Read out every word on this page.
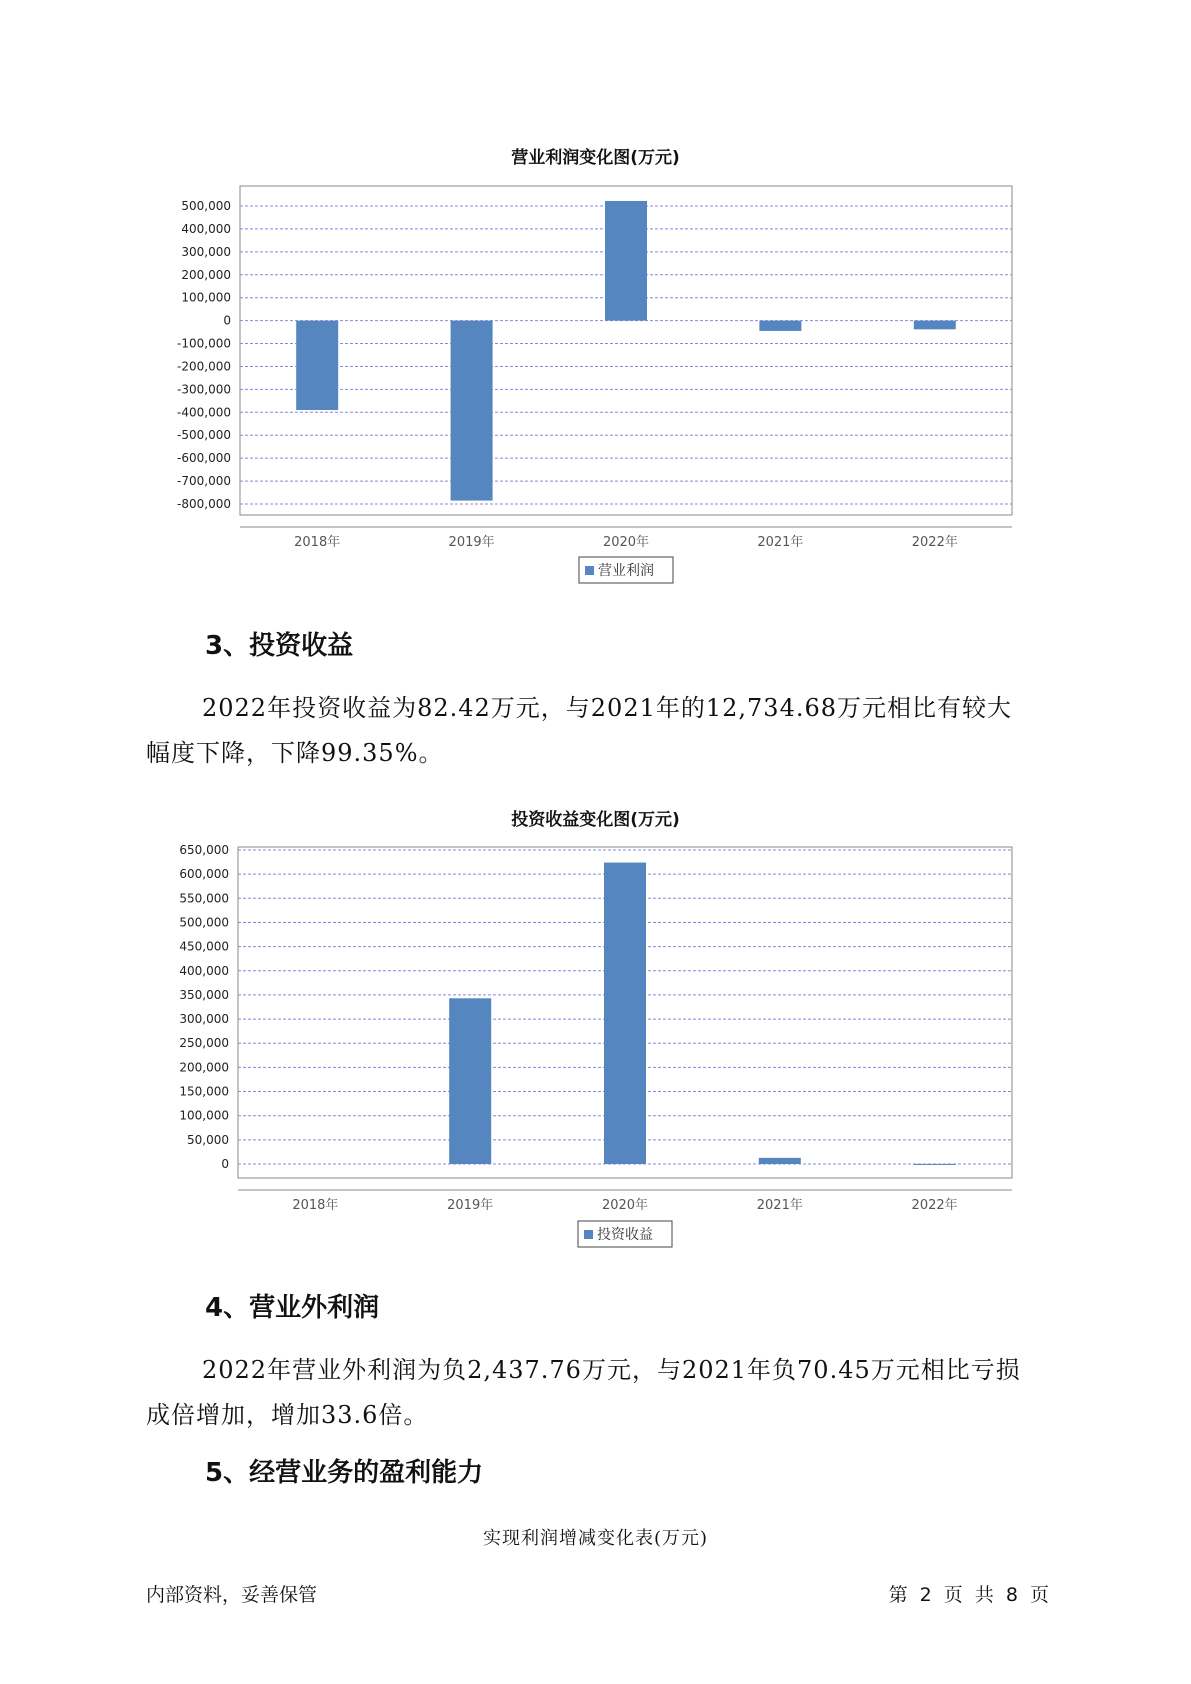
营业利润变化图(万元)
500,000
400,000
300,000
200,000
100,000
0
-100,000
-200,000
-300,000
-400,000
-500,000
-600,000
-700,000
-800,000
2018年	2019年	2020年	2021年	2022年
营业利润
3、投资收益
2022年投资收益为82.42万元，与2021年的12,734.68万元相比有较大
幅度下降，下降99.35%。
投资收益变化图(万元)
650,000
600,000
550,000
500,000
450,000
400,000
350,000
300,000
250,000
200,000
150,000
100,000
50,000
0
2018年	2019年	2020年	2021年	2022年
投资收益
4、营业外利润
2022年营业外利润为负2,437.76万元，与2021年负70.45万元相比亏损
成倍增加，增加33.6倍。
5、经营业务的盈利能力
实现利润增减变化表(万元)
内部资料，妥善保管	第 2 页 共 8 页
